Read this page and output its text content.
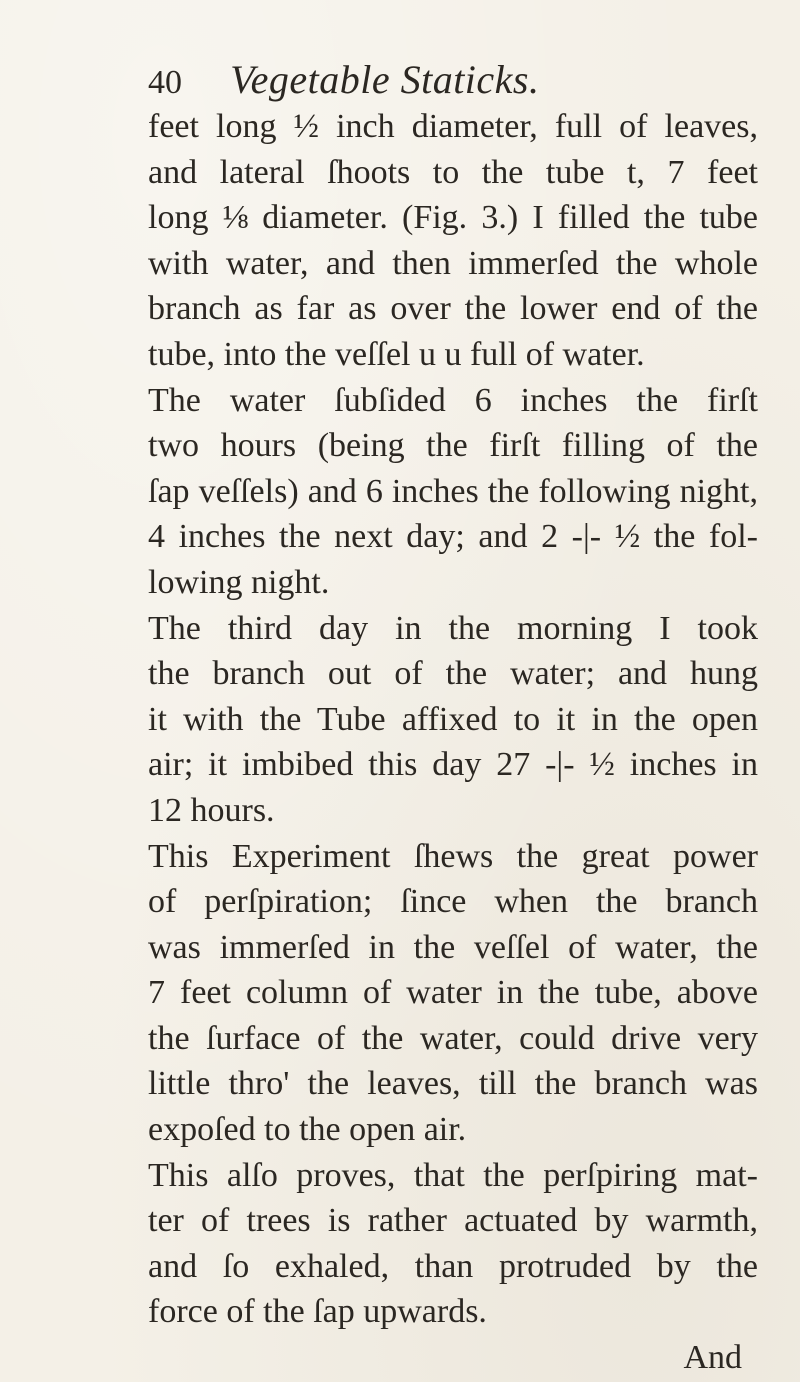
40 Vegetable Staticks.
feet long ½ inch diameter, full of leaves,
and lateral ſhoots to the tube t, 7 feet
long ⅛ diameter. (Fig. 3.) I filled the tube
with water, and then immerſed the whole
branch as far as over the lower end of the
tube, into the veſſel u u full of water.
The water ſubſided 6 inches the firſt
two hours (being the firſt filling of the
ſap veſſels) and 6 inches the following night,
4 inches the next day; and 2 -|- ½ the fol-
lowing night.
The third day in the morning I took
the branch out of the water; and hung
it with the Tube affixed to it in the open
air; it imbibed this day 27 -|- ½ inches in
12 hours.
This Experiment ſhews the great power
of perſpiration; ſince when the branch
was immerſed in the veſſel of water, the
7 feet column of water in the tube, above
the ſurface of the water, could drive very
little thro' the leaves, till the branch was
expoſed to the open air.
This alſo proves, that the perſpiring mat-
ter of trees is rather actuated by warmth,
and ſo exhaled, than protruded by the
force of the ſap upwards.
And
